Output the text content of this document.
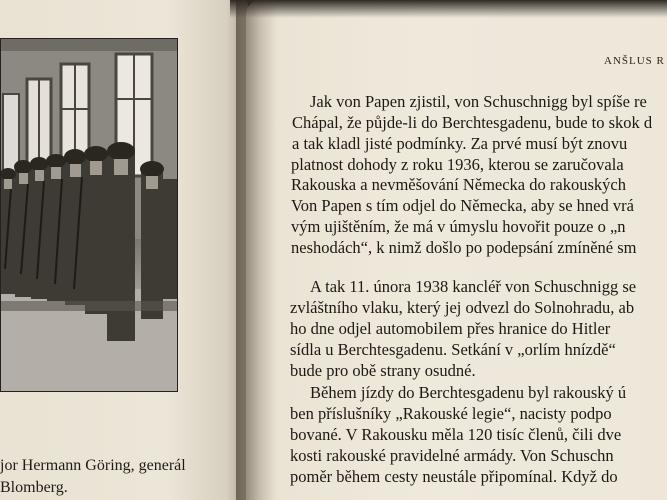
jor Hermann Göring, generál
Blomberg.

ANŠLUS R
Jak von Papen zjistil, von Schuschnigg byl spíše re
Chápal, že půjde-li do Berchtesgadenu, bude to skok d
a tak kladl jisté podmínky. Za prvé musí být znovu
platnost dohody z roku 1936, kterou se zaručovala
Rakouska a nevměšování Německa do rakouských
Von Papen s tím odjel do Německa, aby se hned vrá
vým ujištěním, že má v úmyslu hovořit pouze o „n
neshodách“, k nimž došlo po podepsání zmíněné sm
A tak 11. února 1938 kancléř von Schuschnigg se
zvláštního vlaku, který jej odvezl do Solnohradu, ab
ho dne odjel automobilem přes hranice do Hitler
sídla u Berchtesgadenu. Setkání v „orlím hnízdě“
bude pro obě strany osudné.
Během jízdy do Berchtesgadenu byl rakouský ú
ben příslušníky „Rakouské legie“, nacisty podpo
bované. V Rakousku měla 120 tisíc členů, čili dve
kosti rakouské pravidelné armády. Von Schuschn
poměr během cesty neustále připomínal. Když do
